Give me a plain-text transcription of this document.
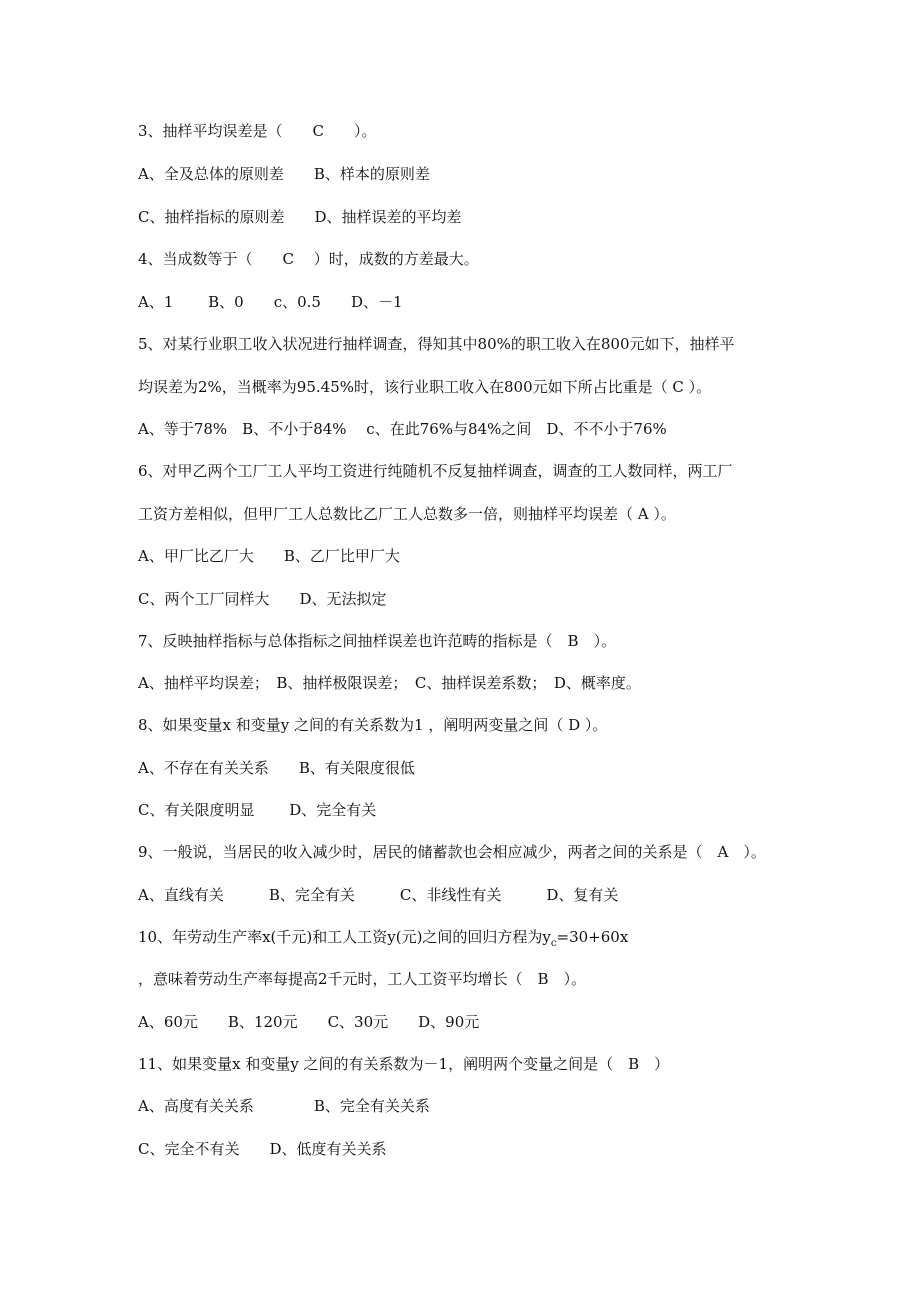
3、抽样平均误差是（　　C　　）。
A、全及总体的原则差　　B、样本的原则差
C、抽样指标的原则差　　D、抽样误差的平均差
4、当成数等于（　　C　 ）时，成数的方差最大。
A、1　　 B、0　　c、0.5　　D、－1
5、对某行业职工收入状况进行抽样调查，得知其中80%的职工收入在800元如下，抽样平
均误差为2%，当概率为95.45%时，该行业职工收入在800元如下所占比重是（ C ）。
A、等于78%　B、不小于84%　 c、在此76%与84%之间　D、不不小于76%
6、对甲乙两个工厂工人平均工资进行纯随机不反复抽样调查，调查的工人数同样，两工厂
工资方差相似，但甲厂工人总数比乙厂工人总数多一倍，则抽样平均误差（ A ）。
A、甲厂比乙厂大　　B、乙厂比甲厂大
C、两个工厂同样大　　D、无法拟定
7、反映抽样指标与总体指标之间抽样误差也许范畴的指标是（　B　）。
A、抽样平均误差；　B、抽样极限误差；　C、抽样误差系数；　D、概率度。
8、如果变量x 和变量y 之间的有关系数为1 ，阐明两变量之间（ D ）。
A、不存在有关关系　　B、有关限度很低
C、有关限度明显　　 D、完全有关
9、一般说，当居民的收入减少时，居民的储蓄款也会相应减少，两者之间的关系是（　A　）。
A、直线有关　　　B、完全有关　　　C、非线性有关　　　D、复有关
10、年劳动生产率x(千元)和工人工资y(元)之间的回归方程为$y_c=30+60x$
，意味着劳动生产率每提高2千元时，工人工资平均增长（　B　）。
A、60元　　B、120元　　C、30元　　D、90元
11、如果变量x 和变量y 之间的有关系数为－1，阐明两个变量之间是（　B　）
A、高度有关关系　　　　B、完全有关关系
C、完全不有关　　D、低度有关关系
